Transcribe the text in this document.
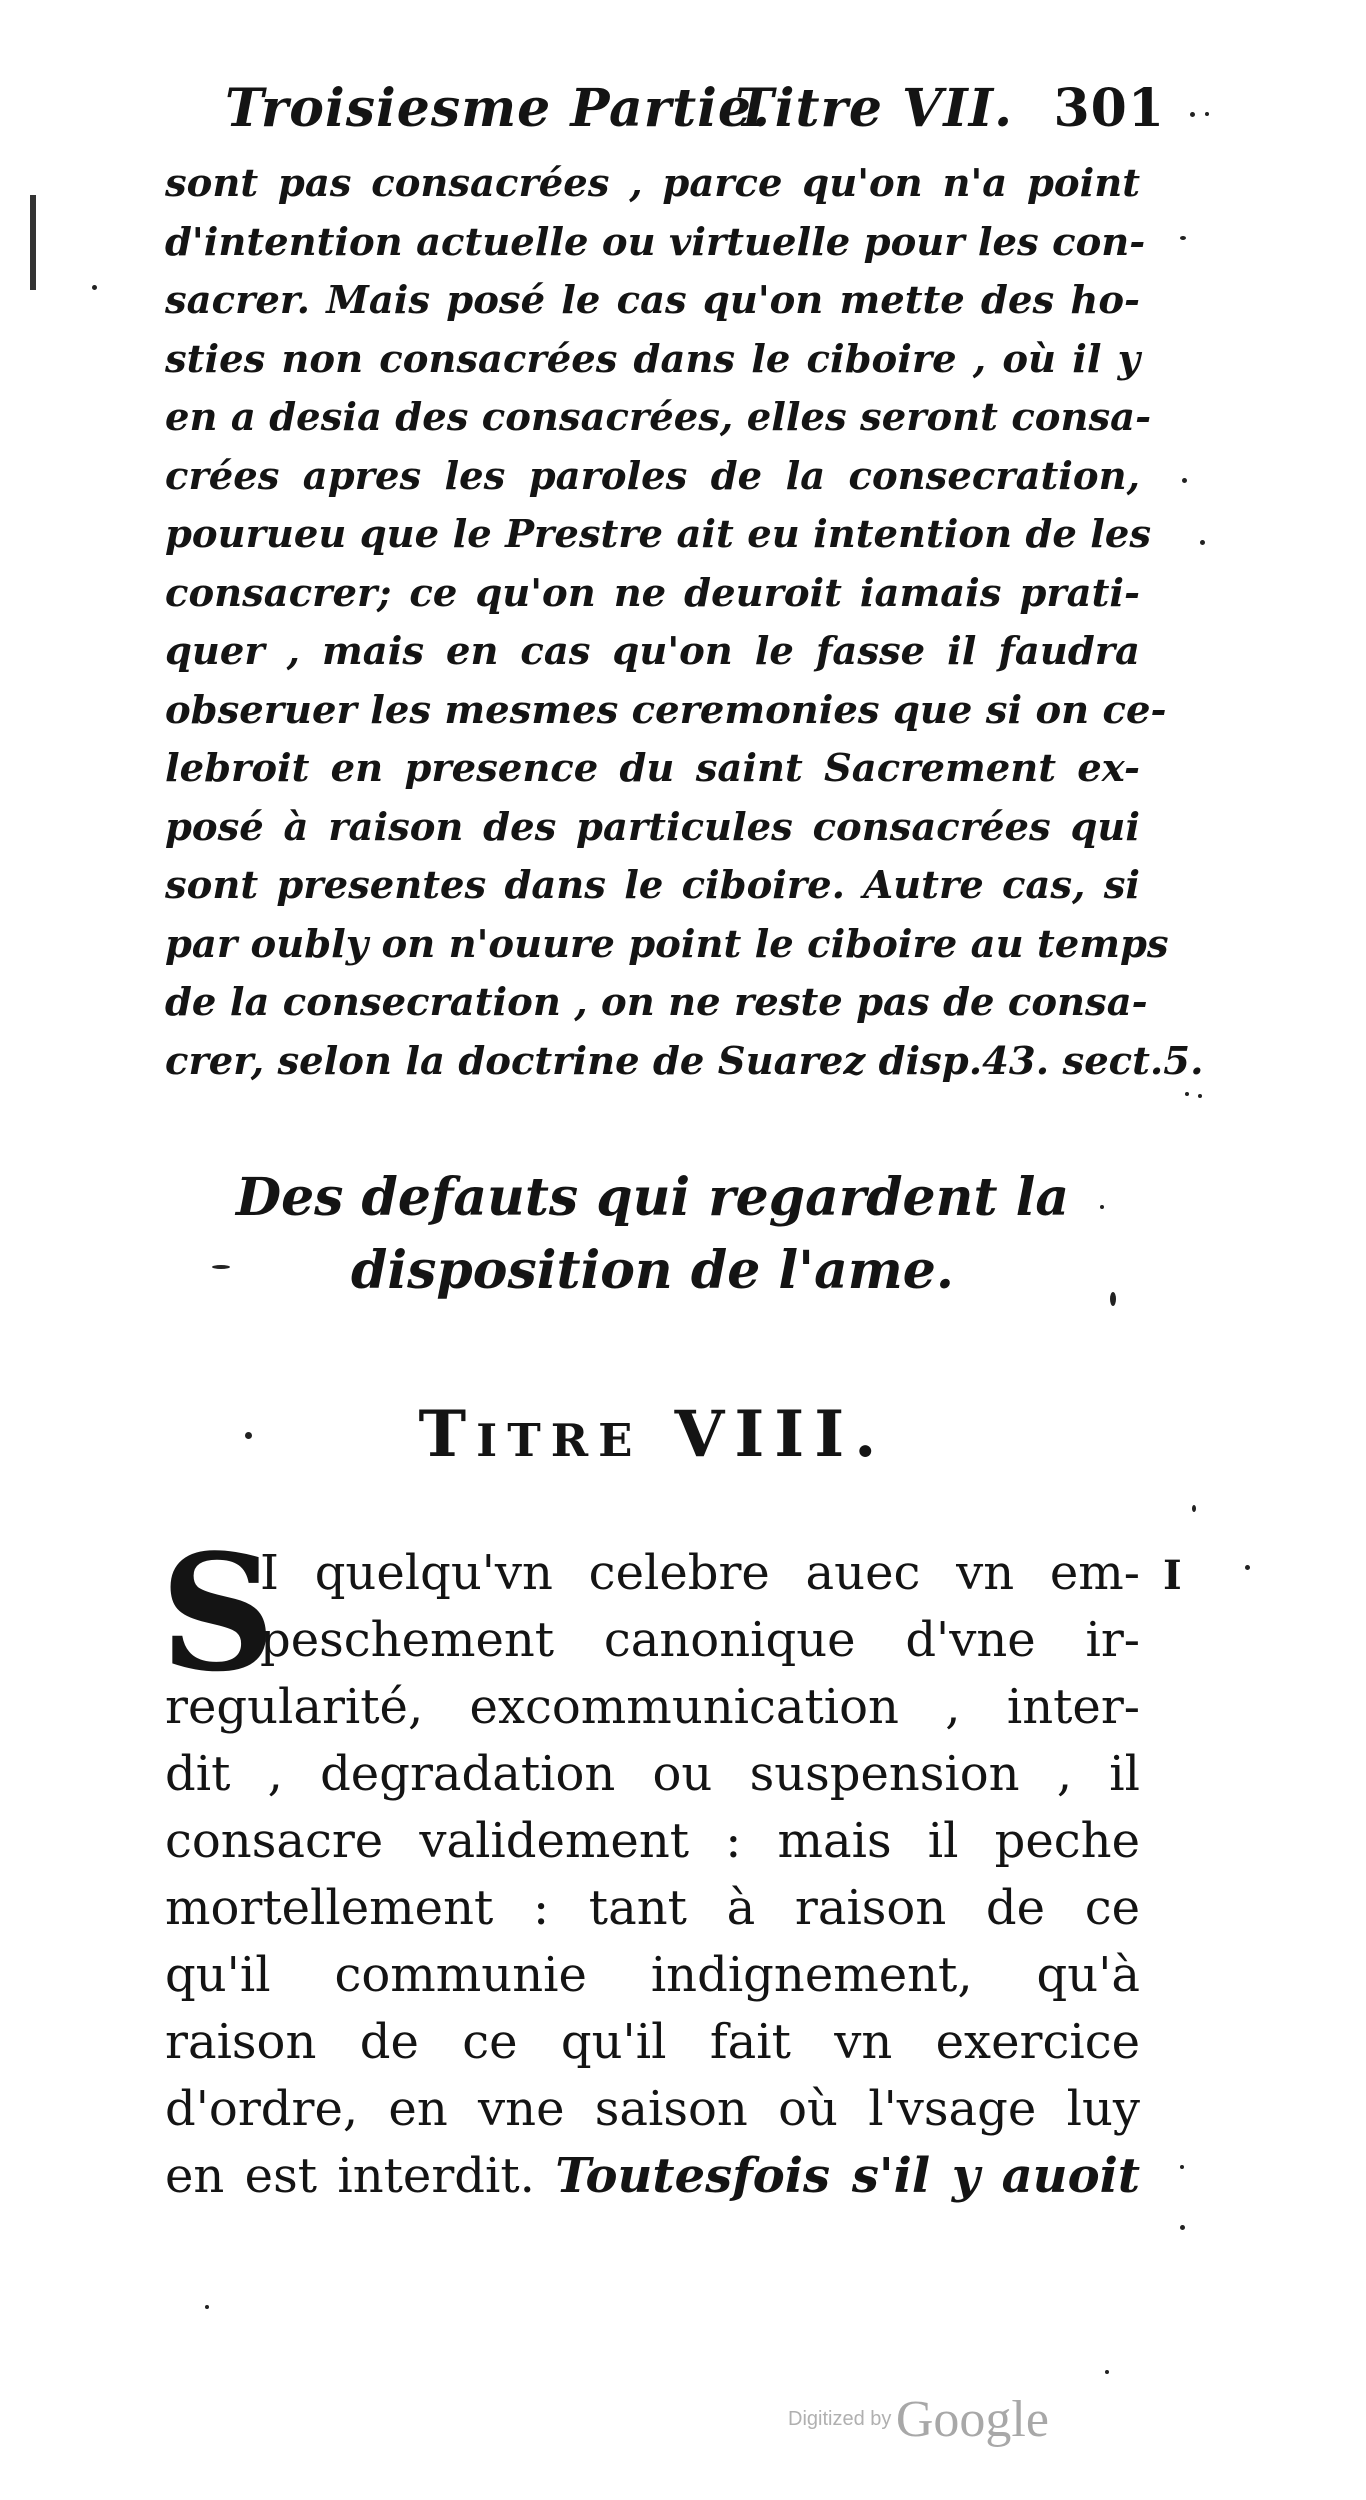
Troisiesme Partie.
Titre VII. 301
sont pas consacrées , parce qu'on n'a point
d'intention actuelle ou virtuelle pour les con-
sacrer. Mais posé le cas qu'on mette des ho-
sties non consacrées dans le ciboire , où il y
en a desia des consacrées, elles seront consa-
crées apres les paroles de la consecration,
pourueu que le Prestre ait eu intention de les
consacrer; ce qu'on ne deuroit iamais prati-
quer , mais en cas qu'on le fasse il faudra
obseruer les mesmes ceremonies que si on ce-
lebroit en presence du saint Sacrement ex-
posé à raison des particules consacrées qui
sont presentes dans le ciboire. Autre cas, si
par oubly on n'ouure point le ciboire au temps
de la consecration , on ne reste pas de consa-
crer, selon la doctrine de Suarez disp.43. sect.5.
Des defauts qui regardent la
disposition de l'ame.
Titre VIII.
S	I
I quelqu'vn celebre auec vn em-
peschement canonique d'vne ir-
regularité, excommunication , inter-
dit , degradation ou suspension , il
consacre validement : mais il peche
mortellement : tant à raison de ce
qu'il communie indignement, qu'à
raison de ce qu'il fait vn exercice
d'ordre, en vne saison où l'vsage luy
en est interdit. Toutesfois s'il y auoit
Digitized by Google
